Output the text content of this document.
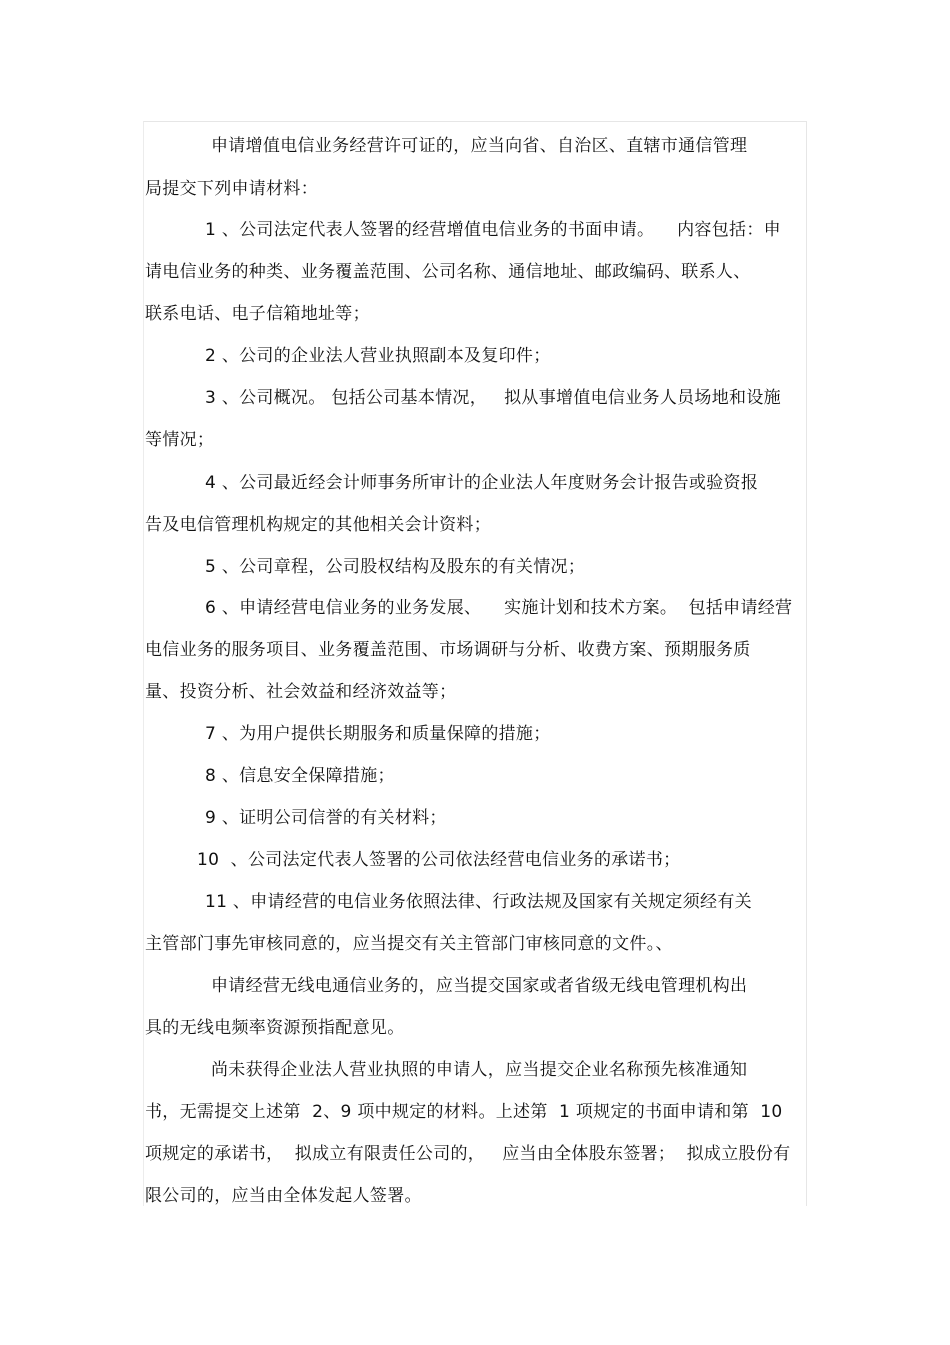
申请增值电信业务经营许可证的，应当向省、自治区、直辖市通信管理
局提交下列申请材料：
1 、公司法定代表人签署的经营增值电信业务的书面申请。    内容包括：申
请电信业务的种类、业务覆盖范围、公司名称、通信地址、邮政编码、联系人、
联系电话、电子信箱地址等；
2 、公司的企业法人营业执照副本及复印件；
3 、公司概况。 包括公司基本情况，   拟从事增值电信业务人员场地和设施
等情况；
4 、公司最近经会计师事务所审计的企业法人年度财务会计报告或验资报
告及电信管理机构规定的其他相关会计资料；
5 、公司章程，公司股权结构及股东的有关情况；
6 、申请经营电信业务的业务发展、    实施计划和技术方案。  包括申请经营
电信业务的服务项目、业务覆盖范围、市场调研与分析、收费方案、预期服务质
量、投资分析、社会效益和经济效益等；
7 、为用户提供长期服务和质量保障的措施；
8 、信息安全保障措施；
9 、证明公司信誉的有关材料；
10  、公司法定代表人签署的公司依法经营电信业务的承诺书；
11 、申请经营的电信业务依照法律、行政法规及国家有关规定须经有关
主管部门事先审核同意的，应当提交有关主管部门审核同意的文件。、
申请经营无线电通信业务的，应当提交国家或者省级无线电管理机构出
具的无线电频率资源预指配意见。
尚未获得企业法人营业执照的申请人，应当提交企业名称预先核准通知
书，无需提交上述第  2、9 项中规定的材料。上述第  1 项规定的书面申请和第  10
项规定的承诺书，  拟成立有限责任公司的，   应当由全体股东签署；  拟成立股份有
限公司的，应当由全体发起人签署。
